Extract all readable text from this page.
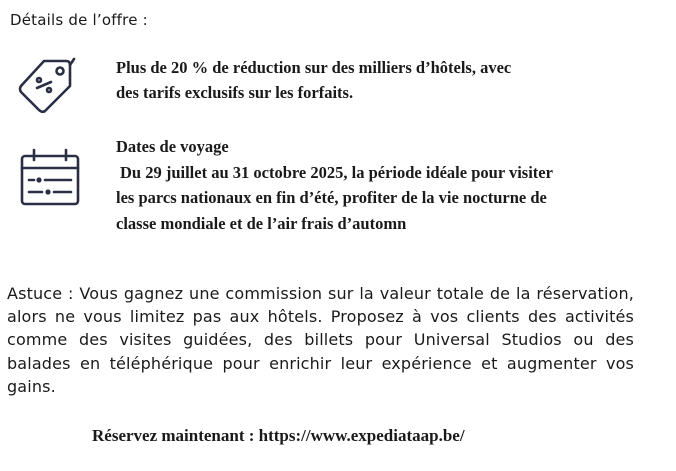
Détails de l’offre :
Plus de 20 % de réduction sur des milliers d’hôtels, avec
des tarifs exclusifs sur les forfaits.
Dates de voyage
Du 29 juillet au 31 octobre 2025, la période idéale pour visiter
les parcs nationaux en fin d’été, profiter de la vie nocturne de
classe mondiale et de l’air frais d’automn
Astuce : Vous gagnez une commission sur la valeur totale de la réservation, alors ne vous limitez pas aux hôtels. Proposez à vos clients des activités comme des visites guidées, des billets pour Universal Studios ou des balades en téléphérique pour enrichir leur expérience et augmenter vos gains.
Réservez maintenant : https://www.expediataap.be/
